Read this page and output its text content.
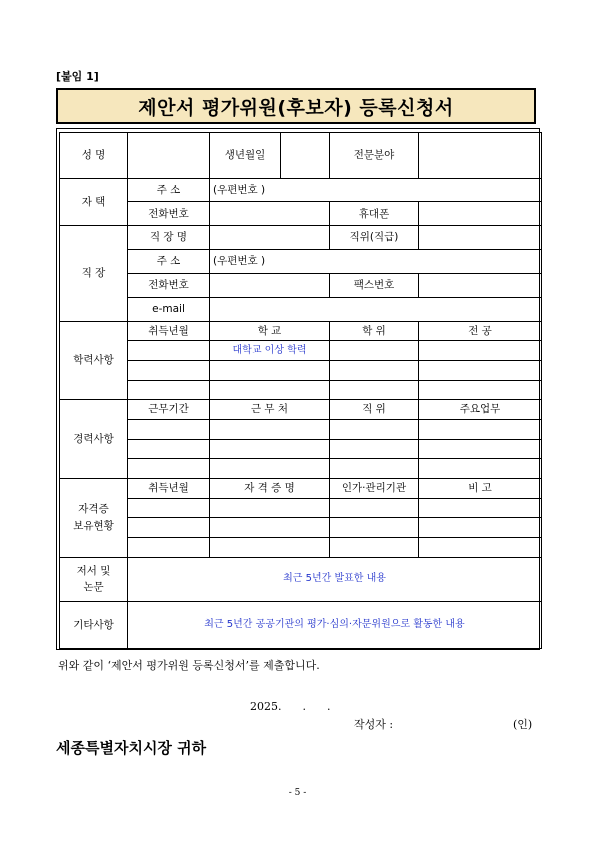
[붙임 1]
제안서 평가위원(후보자) 등록신청서
성 명		생년월일		전문분야	
자 택	주 소	(우편번호 )			
	전화번호			휴대폰	
직 장	직 장 명			직위(직급)	
	주 소	(우편번호 )			
	전화번호			팩스번호	
	e-mail				
학력사항	취득년월	학 교		학 위	전 공
		대학교 이상 학력			

경력사항	근무기간	근 무 처		직 위	주요업무

자격증
보유현황	취득년월	자 격 증 명		인가·관리기관	비 고

저서 및
논문	최근 5년간 발표한 내용				
기타사항	최근 5년간 공공기관의 평가·심의·자문위원으로 활동한 내용				
위와 같이 ‘제안서 평가위원 등록신청서’를 제출합니다.
2025.      .      .
작성자 :	(인)
세종특별자치시장 귀하
- 5 -
